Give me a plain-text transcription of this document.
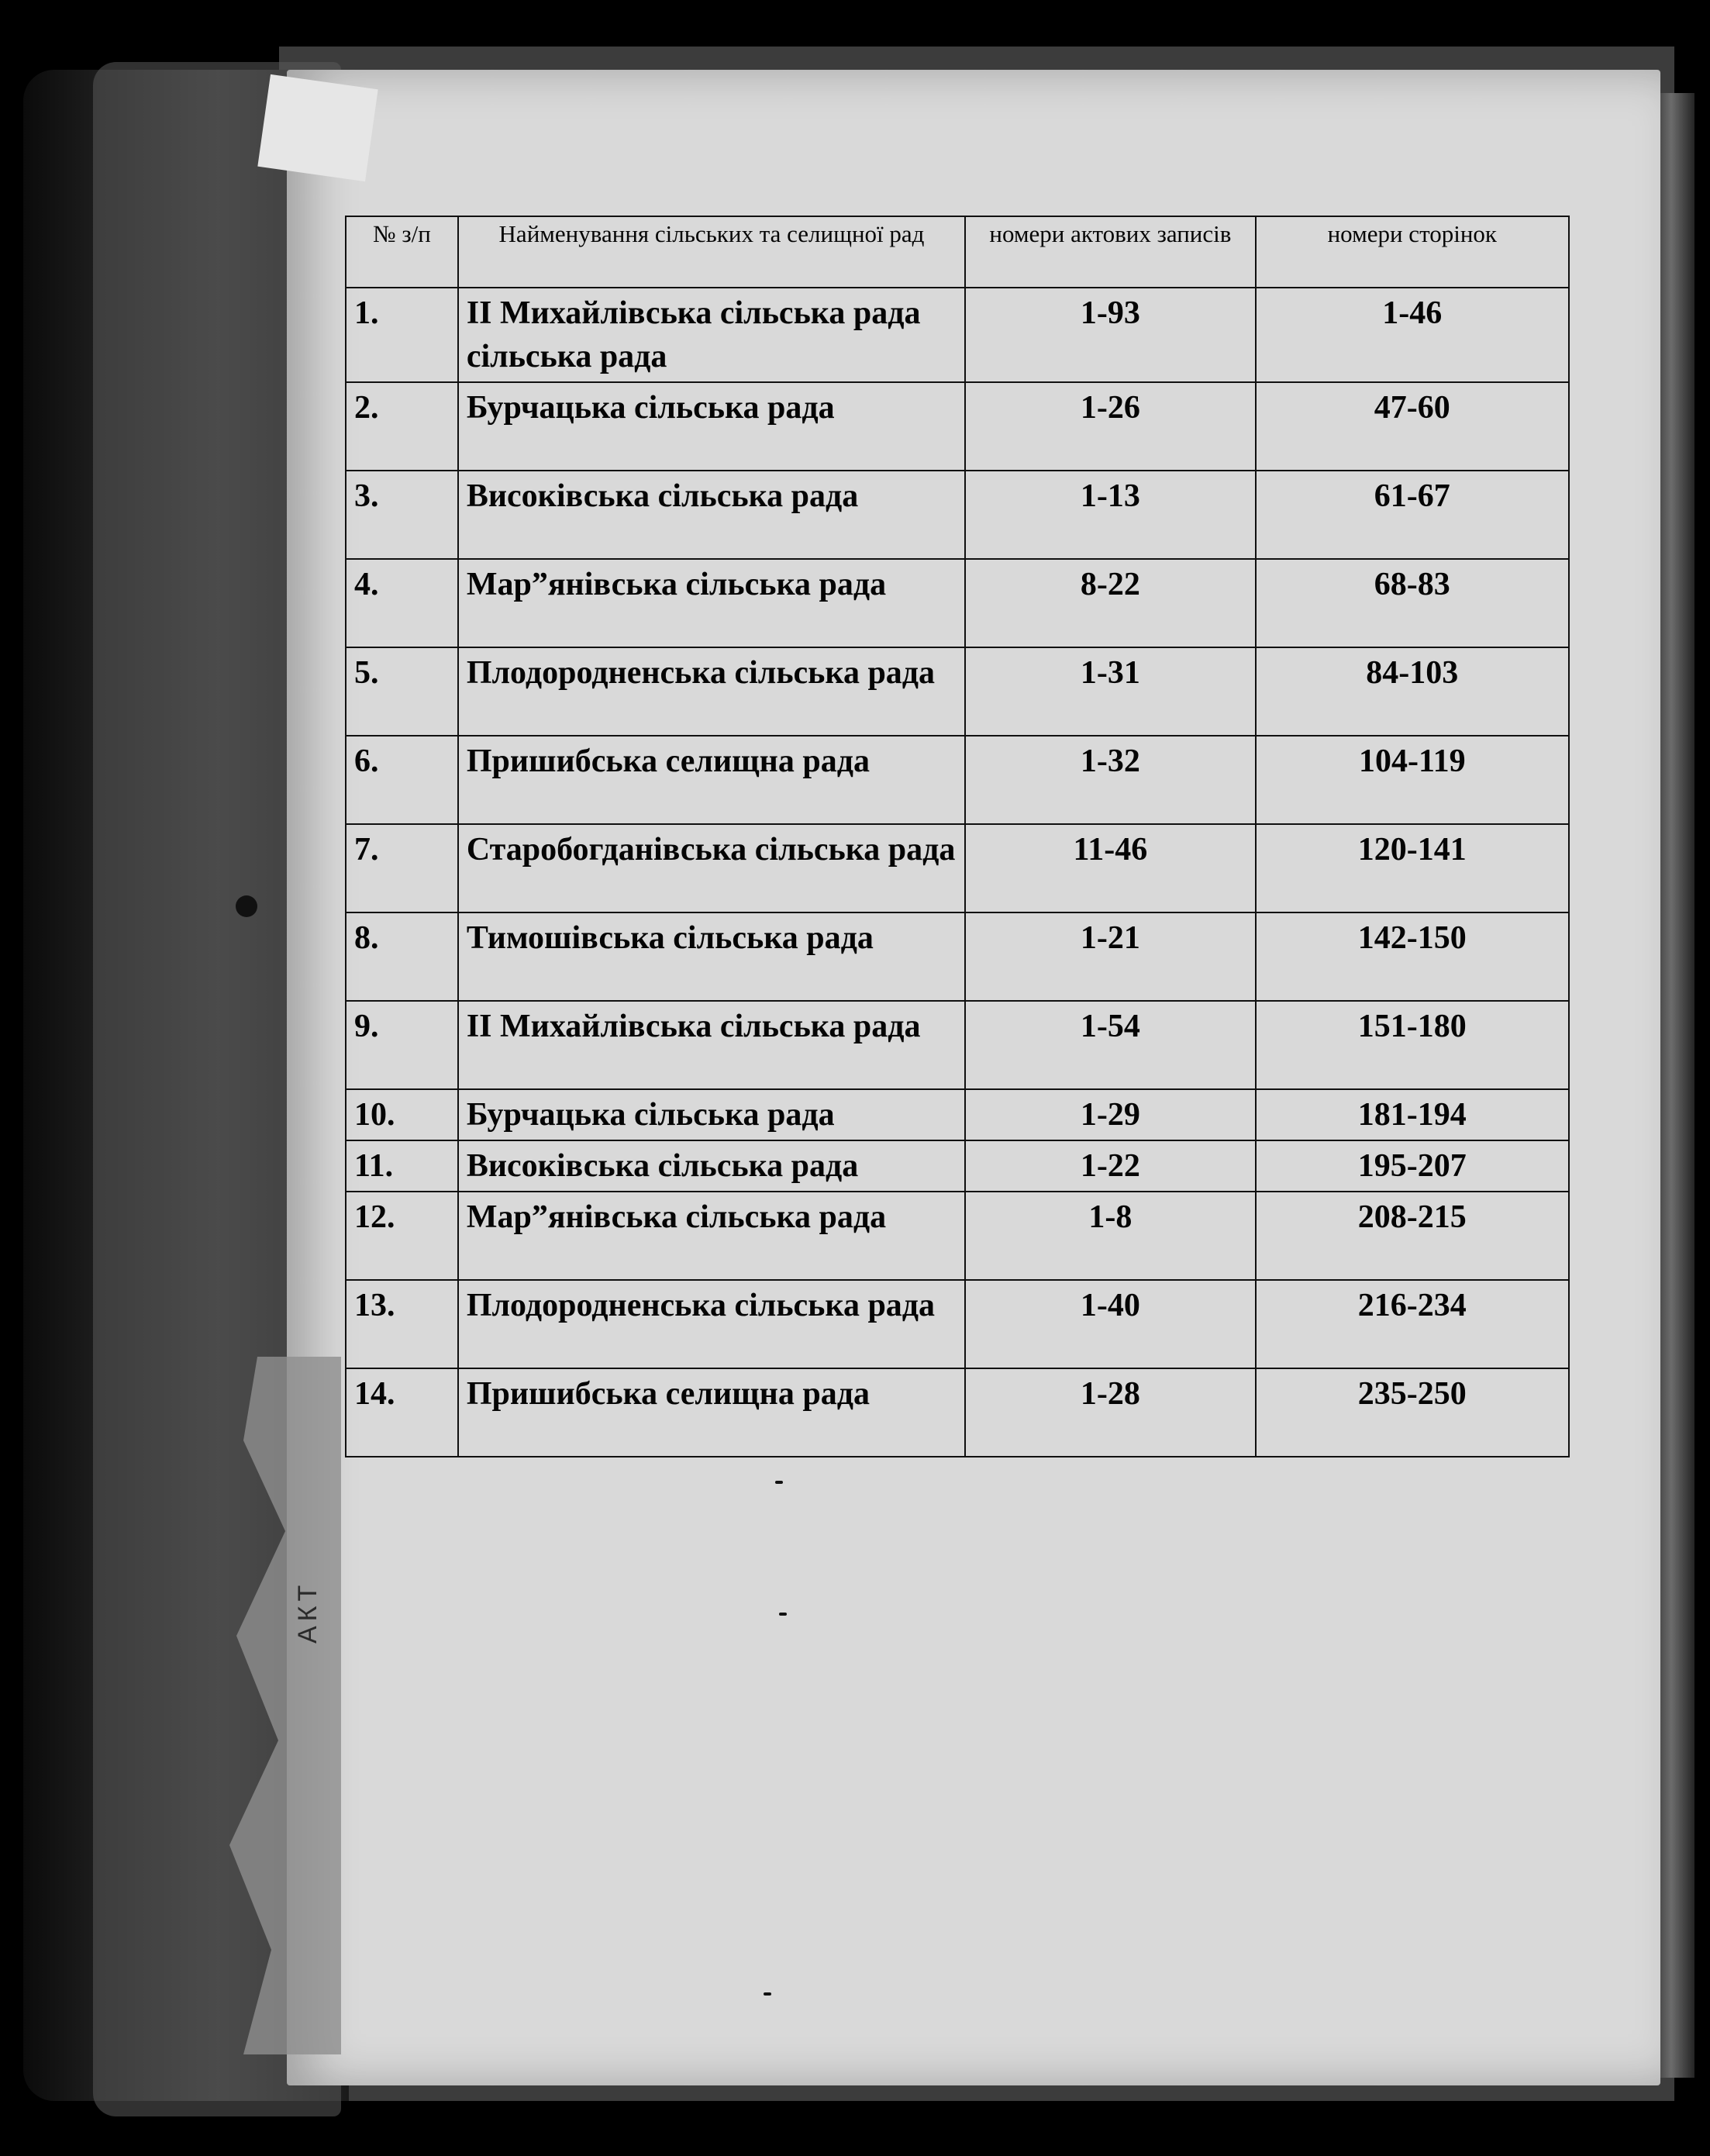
АКТ
№ з/п	Найменування сільських та селищної рад	номери актових записів	номери сторінок
1.	ІІ Михайлівська сільська рада сільська рада	1-93	1-46
2.	Бурчацька сільська рада	1-26	47-60
3.	Високівська сільська рада	1-13	61-67
4.	Мар”янівська сільська рада	8-22	68-83
5.	Плодородненська сільська рада	1-31	84-103
6.	Пришибська селищна рада	1-32	104-119
7.	Старобогданівська сільська рада	11-46	120-141
8.	Тимошівська сільська рада	1-21	142-150
9.	ІІ Михайлівська сільська рада	1-54	151-180
10.	Бурчацька сільська рада	1-29	181-194
11.	Високівська сільська рада	1-22	195-207
12.	Мар”янівська сільська рада	1-8	208-215
13.	Плодородненська сільська рада	1-40	216-234
14.	Пришибська селищна рада	1-28	235-250
